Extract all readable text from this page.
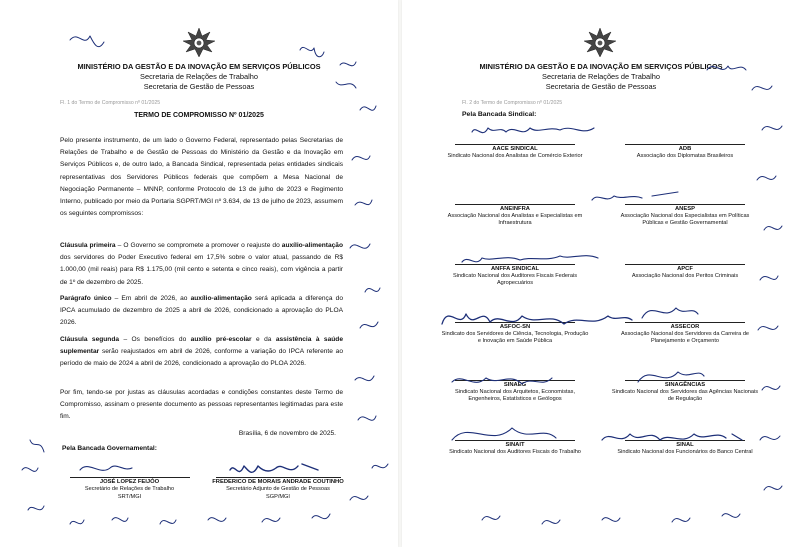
MINISTÉRIO DA GESTÃO E DA INOVAÇÃO EM SERVIÇOS PÚBLICOS
Secretaria de Relações de Trabalho
Secretaria de Gestão de Pessoas
Fl. 1 do Termo de Compromisso nº 01/2025
TERMO DE COMPROMISSO Nº 01/2025
Pelo presente instrumento, de um lado o Governo Federal, representado pelas Secretarias de Relações de Trabalho e de Gestão de Pessoas do Ministério da Gestão e da Inovação em Serviços Públicos e, de outro lado, a Bancada Sindical, representada pelas entidades sindicais representativas dos Servidores Públicos federais que compõem a Mesa Nacional de Negociação Permanente – MNNP, conforme Protocolo de 13 de julho de 2023 e Regimento Interno, publicado por meio da Portaria SGPRT/MGI nº 3.634, de 13 de julho de 2023, assumem os seguintes compromissos:
Cláusula primeira – O Governo se compromete a promover o reajuste do auxílio-alimentação dos servidores do Poder Executivo federal em 17,5% sobre o valor atual, passando de R$ 1.000,00 (mil reais) para R$ 1.175,00 (mil cento e setenta e cinco reais), com vigência a partir de 1º de dezembro de 2025.
Parágrafo único – Em abril de 2026, ao auxílio-alimentação será aplicada a diferença do IPCA acumulado de dezembro de 2025 a abril de 2026, condicionado a aprovação do PLOA 2026.
Cláusula segunda – Os benefícios do auxílio pré-escolar e da assistência à saúde suplementar serão reajustados em abril de 2026, conforme a variação do IPCA referente ao período de maio de 2024 a abril de 2026, condicionado a aprovação do PLOA 2026.
Por fim, tendo-se por justas as cláusulas acordadas e condições constantes deste Termo de Compromisso, assinam o presente documento as pessoas representantes legitimadas para este fim.
Brasília, 6 de novembro de 2025.
Pela Bancada Governamental:
JOSÉ LOPEZ FEIJÓO
Secretário de Relações de Trabalho
SRT/MGI
FREDERICO DE MORAIS ANDRADE COUTINHO
Secretário Adjunto de Gestão de Pessoas
SGP/MGI
MINISTÉRIO DA GESTÃO E DA INOVAÇÃO EM SERVIÇOS PÚBLICOS
Secretaria de Relações de Trabalho
Secretaria de Gestão de Pessoas
Fl. 2 do Termo de Compromisso nº 01/2025
Pela Bancada Sindical:
AACE SINDICAL
Sindicato Nacional dos Analistas de Comércio Exterior
ADB
Associação dos Diplomatas Brasileiros
ANEINFRA
Associação Nacional dos Analistas e Especialistas em Infraestrutura
ANESP
Associação Nacional dos Especialistas em Políticas Públicas e Gestão Governamental
ANFFA SINDICAL
Sindicato Nacional dos Auditores Fiscais Federais Agropecuários
APCF
Associação Nacional dos Peritos Criminais
ASFOC-SN
Sindicato dos Servidores de Ciência, Tecnologia, Produção e Inovação em Saúde Pública
ASSECOR
Associação Nacional dos Servidores da Carreira de Planejamento e Orçamento
SINAEG
Sindicato Nacional dos Arquitetos, Economistas, Engenheiros, Estatísticos e Geólogos
SINAGÊNCIAS
Sindicato Nacional dos Servidores das Agências Nacionais de Regulação
SINAIT
Sindicato Nacional dos Auditores Fiscais do Trabalho
SINAL
Sindicato Nacional dos Funcionários do Banco Central
